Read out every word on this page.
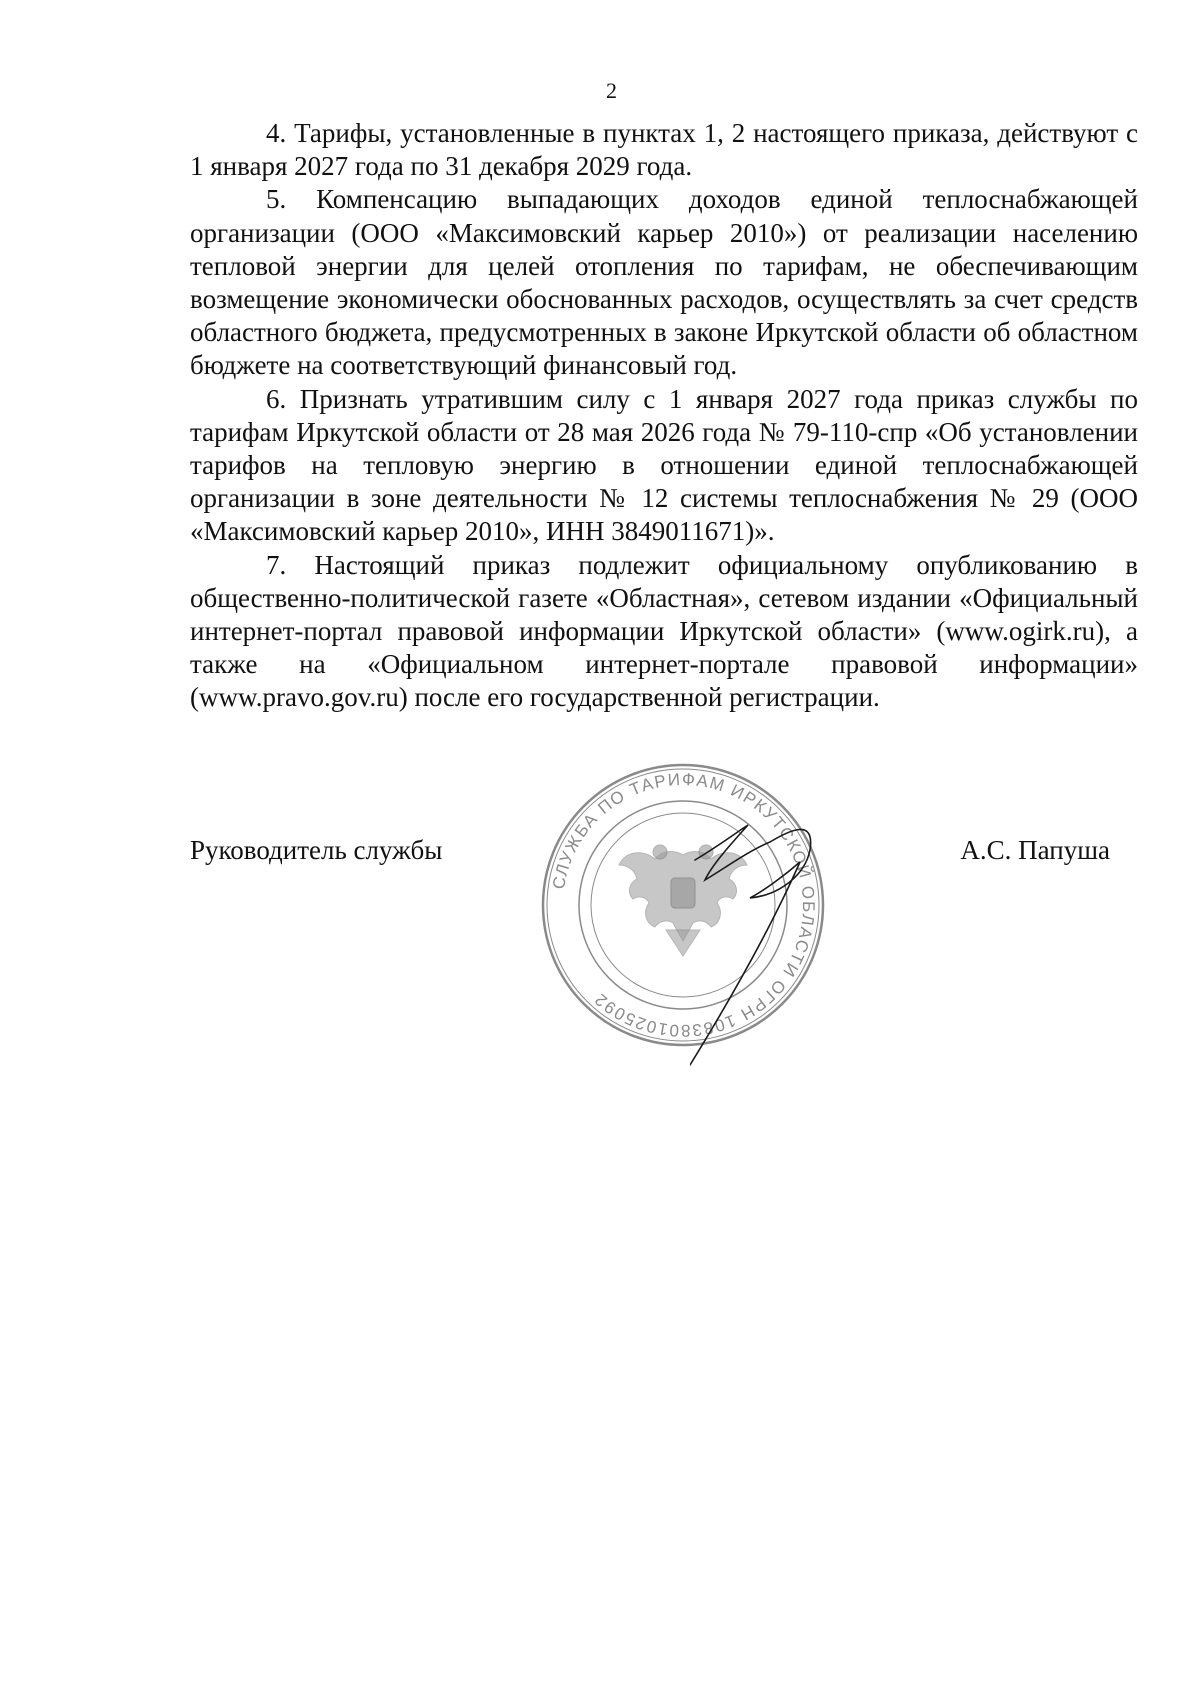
2

4. Тарифы, установленные в пунктах 1, 2 настоящего приказа, действуют с 1 января 2027 года по 31 декабря 2029 года.

5. Компенсацию выпадающих доходов единой теплоснабжающей организации (ООО «Максимовский карьер 2010») от реализации населению тепловой энергии для целей отопления по тарифам, не обеспечивающим возмещение экономически обоснованных расходов, осуществлять за счет средств областного бюджета, предусмотренных в законе Иркутской области об областном бюджете на соответствующий финансовый год.

6. Признать утратившим силу с 1 января 2027 года приказ службы по тарифам Иркутской области от 28 мая 2026 года № 79-110-спр «Об установлении тарифов на тепловую энергию в отношении единой теплоснабжающей организации в зоне деятельности № 12 системы теплоснабжения № 29 (ООО «Максимовский карьер 2010», ИНН 3849011671)».

7. Настоящий приказ подлежит официальному опубликованию в общественно-политической газете «Областная», сетевом издании «Официальный интернет-портал правовой информации Иркутской области» (www.ogirk.ru), а также на «Официальном интернет-портале правовой информации» (www.pravo.gov.ru) после его государственной регистрации.

СЛУЖБА ПО ТАРИФАМ ИРКУТСКОЙ ОБЛАСТИ ОГРН 1083801025092
Руководитель службы	А.С. Папуша
